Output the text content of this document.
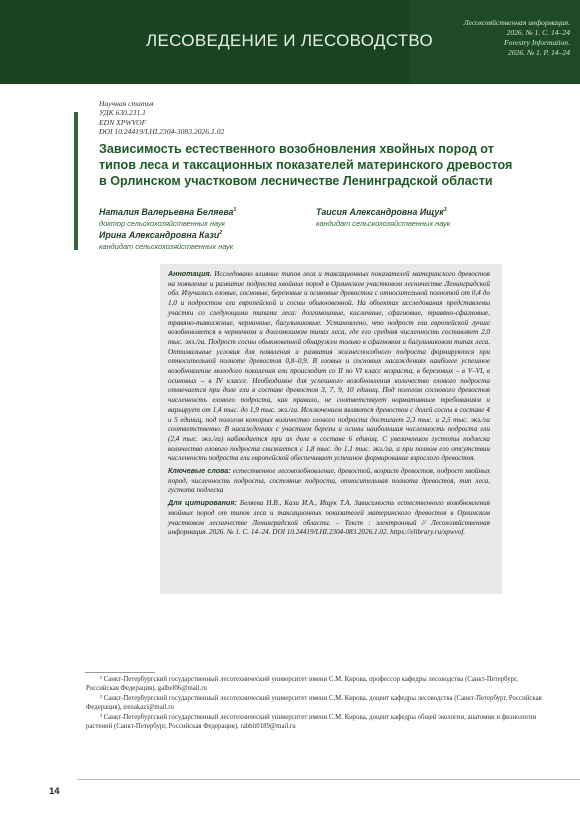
ЛЕСОВЕДЕНИЕ И ЛЕСОВОДСТВО
Лесохозяйственная информация.
2026. № 1. С. 14–24
Forestry Information.
2026. № 1. P. 14–24
Научная статья
УДК 630.231.1
EDN XPWVOF
DOI 10.24419/LHI.2304-3083.2026.1.02
Зависимость естественного возобновления хвойных пород от типов леса и таксационных показателей материнского древостоя в Орлинском участковом лесничестве Ленинградской области
Наталия Валерьевна Беляева$^1$
доктор сельскохозяйственных наук
Таисия Александровна Ищук$^3$
кандидат сельскохозяйственных наук
Ирина Александровна Кази$^2$
кандидат сельскохозяйственных наук

Аннотация. Исследовано влияние типов леса и таксационных показателей материнского древостоя на появление и развитие подроста хвойных пород в Орлинском участковом лесничестве Ленинградской обл. Изучались еловые, сосновые, березовые и осиновые древостои с относительной полнотой от 0,4 до 1,0 и подростом ели европейской и сосны обыкновенной. На объектах исследования представлены участки со следующими типами леса: долгомошные, кисличные, сфагновые, травяно-сфагновые, травяно-таволжные, черничные, багульниковые. Установлено, что подрост ели европейской лучше возобновляется в черничном и долгомошном типах леса, где его средняя численность составляет 2,0 тыс. экз./га. Подрост сосны обыкновенной обнаружен только в сфагновом и багульниковом типах леса. Оптимальные условия для появления и развития жизнеспособного подроста формируются при относительной полноте древостоя 0,8–0,9. В еловых и сосновых насаждениях наиболее успешное возобновление молодого поколения ели происходит со II по VI класс возраста, в березовых – в V–VI, в осиновых – в IV классе. Необходимое для успешного возобновления количество елового подроста отмечается при доле ели в составе древостоя 3, 7, 9, 10 единиц. Под пологом соснового древостоя численность елового подроста, как правило, не соответствует нормативным требованиям и варьирует от 1,4 тыс. до 1,9 тыс. экз./га. Исключением являются древостои с долей сосны в составе 4 и 5 единиц, под пологом которых количество елового подроста достигает 2,3 тыс. и 2,5 тыс. экз./га соответственно. В насаждениях с участием березы и осины наибольшая численность подроста ели (2,4 тыс. экз./га) наблюдается при их доле в составе 6 единиц. С увеличением густоты подлеска количество елового подроста снижается с 1,8 тыс. до 1,1 тыс. экз./га, а при полном его отсутствии численность подроста ели европейской обеспечивает успешное формирование взрослого древостоя.

Ключевые слова: естественное лесовозобновление, древостой, возраст древостоя, подрост хвойных пород, численность подроста, состояние подроста, относительная полнота древостоя, тип леса, густота подлеска

Для цитирования: Беляева Н.В., Кази И.А., Ищук Т.А. Зависимость естественного возобновления хвойных пород от типов леса и таксационных показателей материнского древостоя в Орлинском участковом лесничестве Ленинградской области. – Текст : электронный // Лесохозяйственная информация. 2026. № 1. С. 14–24. DOI 10.24419/LHI.2304-083.2026.1.02. https://elibrary.ru/xpwvof.

¹ Санкт-Петербургский государственный лесотехнический университет имени С.М. Кирова, профессор кафедры лесоводства (Санкт-Петербург, Российская Федерация), galbel06@mail.ru

² Санкт-Петербургский государственный лесотехнический университет имени С.М. Кирова, доцент кафедры лесоводства (Санкт-Петербург, Российская Федерация), irenakazi@mail.ru

³ Санкт-Петербургский государственный лесотехнический университет имени С.М. Кирова, доцент кафедры общей экологии, анатомии и физиологии растений (Санкт-Петербург, Российская Федерация), rabbit0189@mail.ru

14
